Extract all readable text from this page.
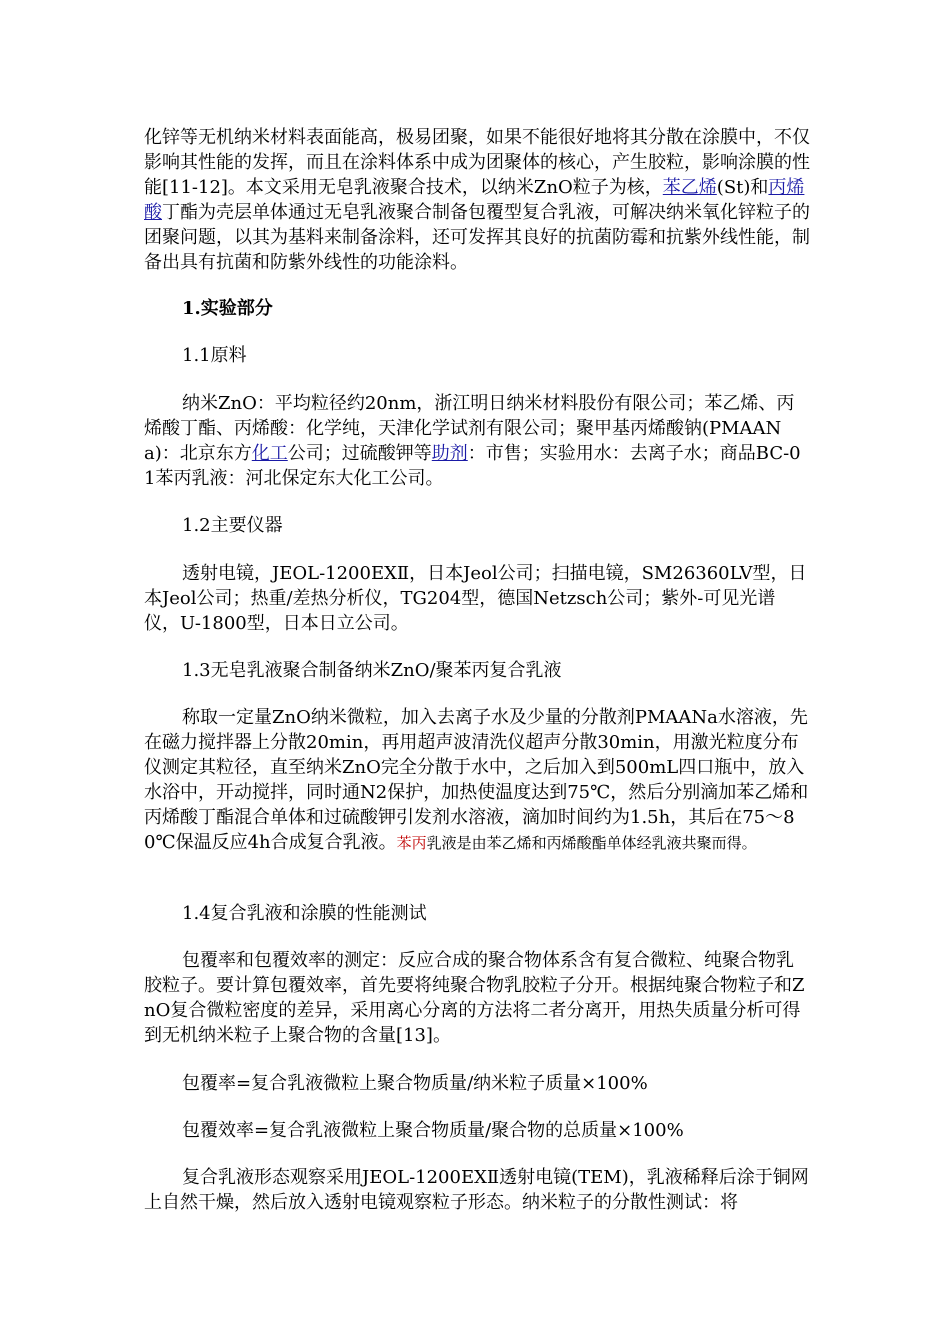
化锌等无机纳米材料表面能高，极易团聚，如果不能很好地将其分散在涂膜中，不仅影响其性能的发挥，而且在涂料体系中成为团聚体的核心，产生胶粒，影响涂膜的性能[11-12]。本文采用无皂乳液聚合技术，以纳米ZnO粒子为核，苯乙烯(St)和丙烯酸丁酯为壳层单体通过无皂乳液聚合制备包覆型复合乳液，可解决纳米氧化锌粒子的团聚问题，以其为基料来制备涂料，还可发挥其良好的抗菌防霉和抗紫外线性能，制备出具有抗菌和防紫外线性的功能涂料。

1.实验部分

1.1原料

纳米ZnO：平均粒径约20nm，浙江明日纳米材料股份有限公司；苯乙烯、丙烯酸丁酯、丙烯酸：化学纯，天津化学试剂有限公司；聚甲基丙烯酸钠(PMAANa)：北京东方化工公司；过硫酸钾等助剂：市售；实验用水：去离子水；商品BC-01苯丙乳液：河北保定东大化工公司。

1.2主要仪器

透射电镜，JEOL-1200EXⅡ，日本Jeol公司；扫描电镜，SM26360LV型，日本Jeol公司；热重/差热分析仪，TG204型，德国Netzsch公司；紫外-可见光谱仪，U-1800型，日本日立公司。

1.3无皂乳液聚合制备纳米ZnO/聚苯丙复合乳液

称取一定量ZnO纳米微粒，加入去离子水及少量的分散剂PMAANa水溶液，先在磁力搅拌器上分散20min，再用超声波清洗仪超声分散30min，用激光粒度分布仪测定其粒径，直至纳米ZnO完全分散于水中，之后加入到500mL四口瓶中，放入水浴中，开动搅拌，同时通N2保护，加热使温度达到75℃，然后分别滴加苯乙烯和丙烯酸丁酯混合单体和过硫酸钾引发剂水溶液，滴加时间约为1.5h，其后在75～80℃保温反应4h合成复合乳液。苯丙乳液是由苯乙烯和丙烯酸酯单体经乳液共聚而得。

1.4复合乳液和涂膜的性能测试

包覆率和包覆效率的测定：反应合成的聚合物体系含有复合微粒、纯聚合物乳胶粒子。要计算包覆效率，首先要将纯聚合物乳胶粒子分开。根据纯聚合物粒子和ZnO复合微粒密度的差异，采用离心分离的方法将二者分离开，用热失质量分析可得到无机纳米粒子上聚合物的含量[13]。

包覆率=复合乳液微粒上聚合物质量/纳米粒子质量×100%

包覆效率=复合乳液微粒上聚合物质量/聚合物的总质量×100%

复合乳液形态观察采用JEOL-1200EXⅡ透射电镜(TEM)，乳液稀释后涂于铜网上自然干燥，然后放入透射电镜观察粒子形态。纳米粒子的分散性测试：将
